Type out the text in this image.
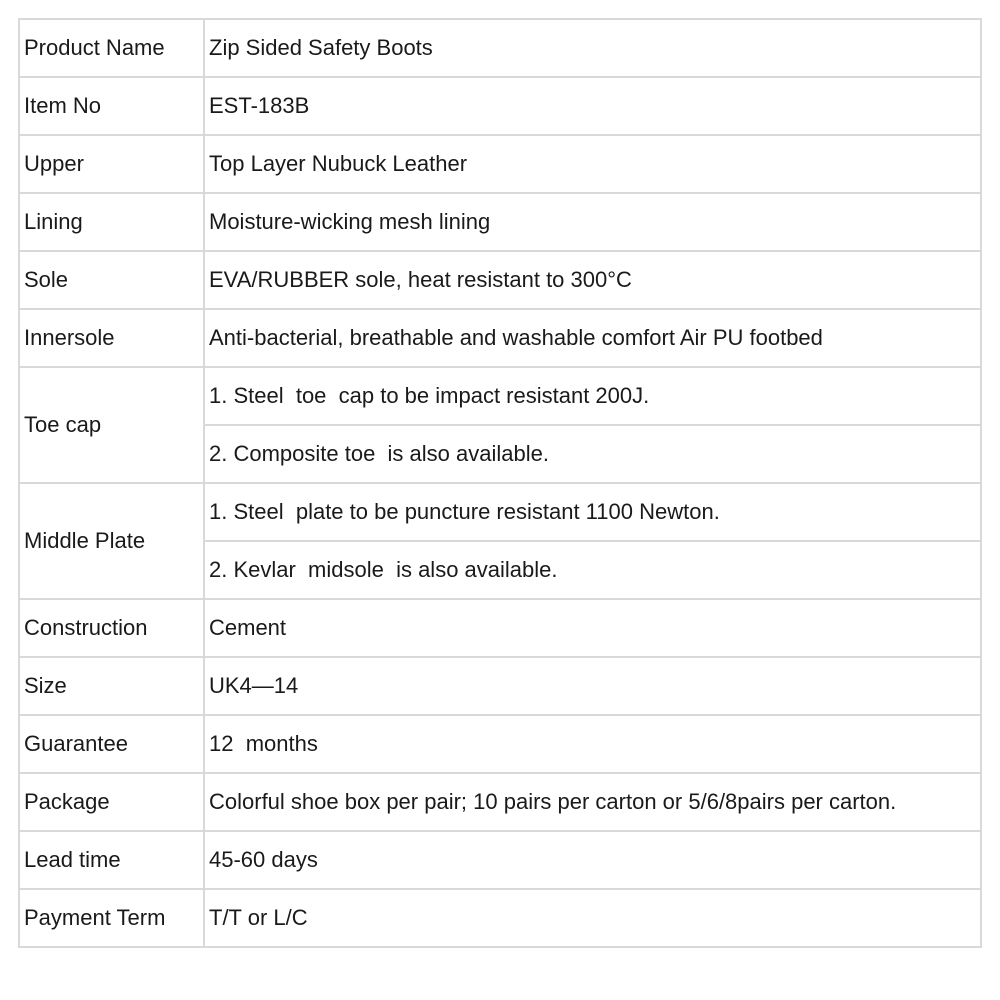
Product Name	Zip Sided Safety Boots
Item No	EST-183B
Upper	Top Layer Nubuck Leather
Lining	Moisture-wicking mesh lining
Sole	EVA/RUBBER sole, heat resistant to 300°C
Innersole	Anti-bacterial, breathable and washable comfort Air PU footbed
Toe cap	1. Steel  toe  cap to be impact resistant 200J.
	2. Composite toe  is also available.
Middle Plate	1. Steel  plate to be puncture resistant 1100 Newton.
	2. Kevlar  midsole  is also available.
Construction	Cement
Size	UK4—14
Guarantee	12  months
Package	Colorful shoe box per pair; 10 pairs per carton or 5/6/8pairs per carton.
Lead time	45-60 days
Payment Term	T/T or L/C
